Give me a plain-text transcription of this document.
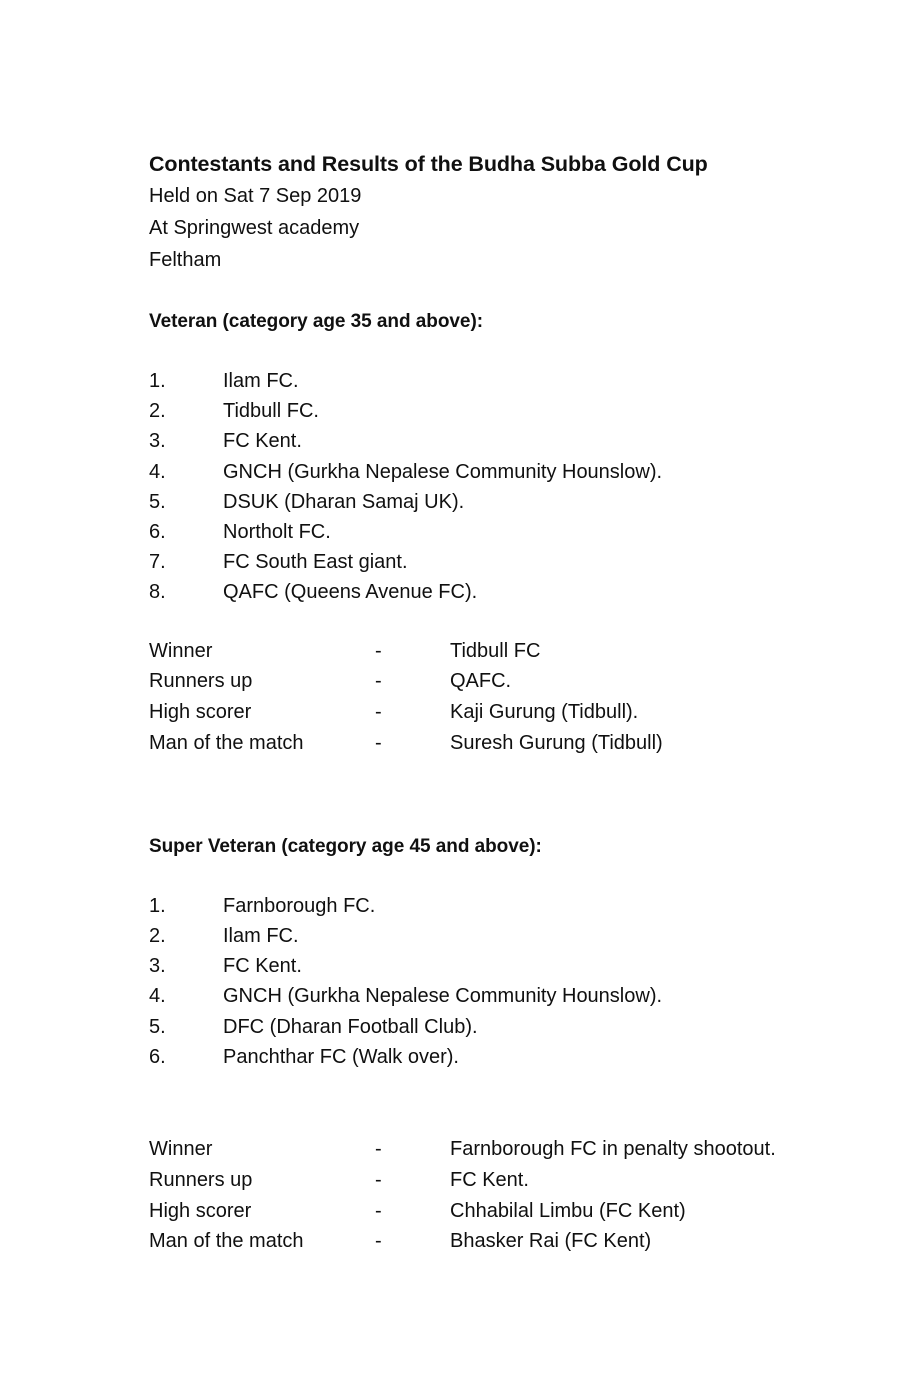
Contestants and Results of the Budha Subba Gold Cup
Held on Sat 7 Sep 2019
At Springwest academy
Feltham
Veteran (category age 35 and above):
1.	Ilam FC.
2.	Tidbull FC.
3.	FC Kent.
4.	GNCH (Gurkha Nepalese Community Hounslow).
5.	DSUK (Dharan Samaj UK).
6.	Northolt FC.
7.	FC South East giant.
8.	QAFC (Queens Avenue FC).
Winner	-	Tidbull FC
Runners up	-	QAFC.
High scorer	-	Kaji Gurung (Tidbull).
Man of the match	-	Suresh Gurung (Tidbull)
Super Veteran (category age 45 and above):
1.	Farnborough FC.
2.	Ilam FC.
3.	FC Kent.
4.	GNCH (Gurkha Nepalese Community Hounslow).
5.	DFC (Dharan Football Club).
6.	Panchthar FC (Walk over).
Winner	-	Farnborough FC in penalty shootout.
Runners up	-	FC Kent.
High scorer	-	Chhabilal Limbu (FC Kent)
Man of the match	-	Bhasker Rai (FC Kent)
